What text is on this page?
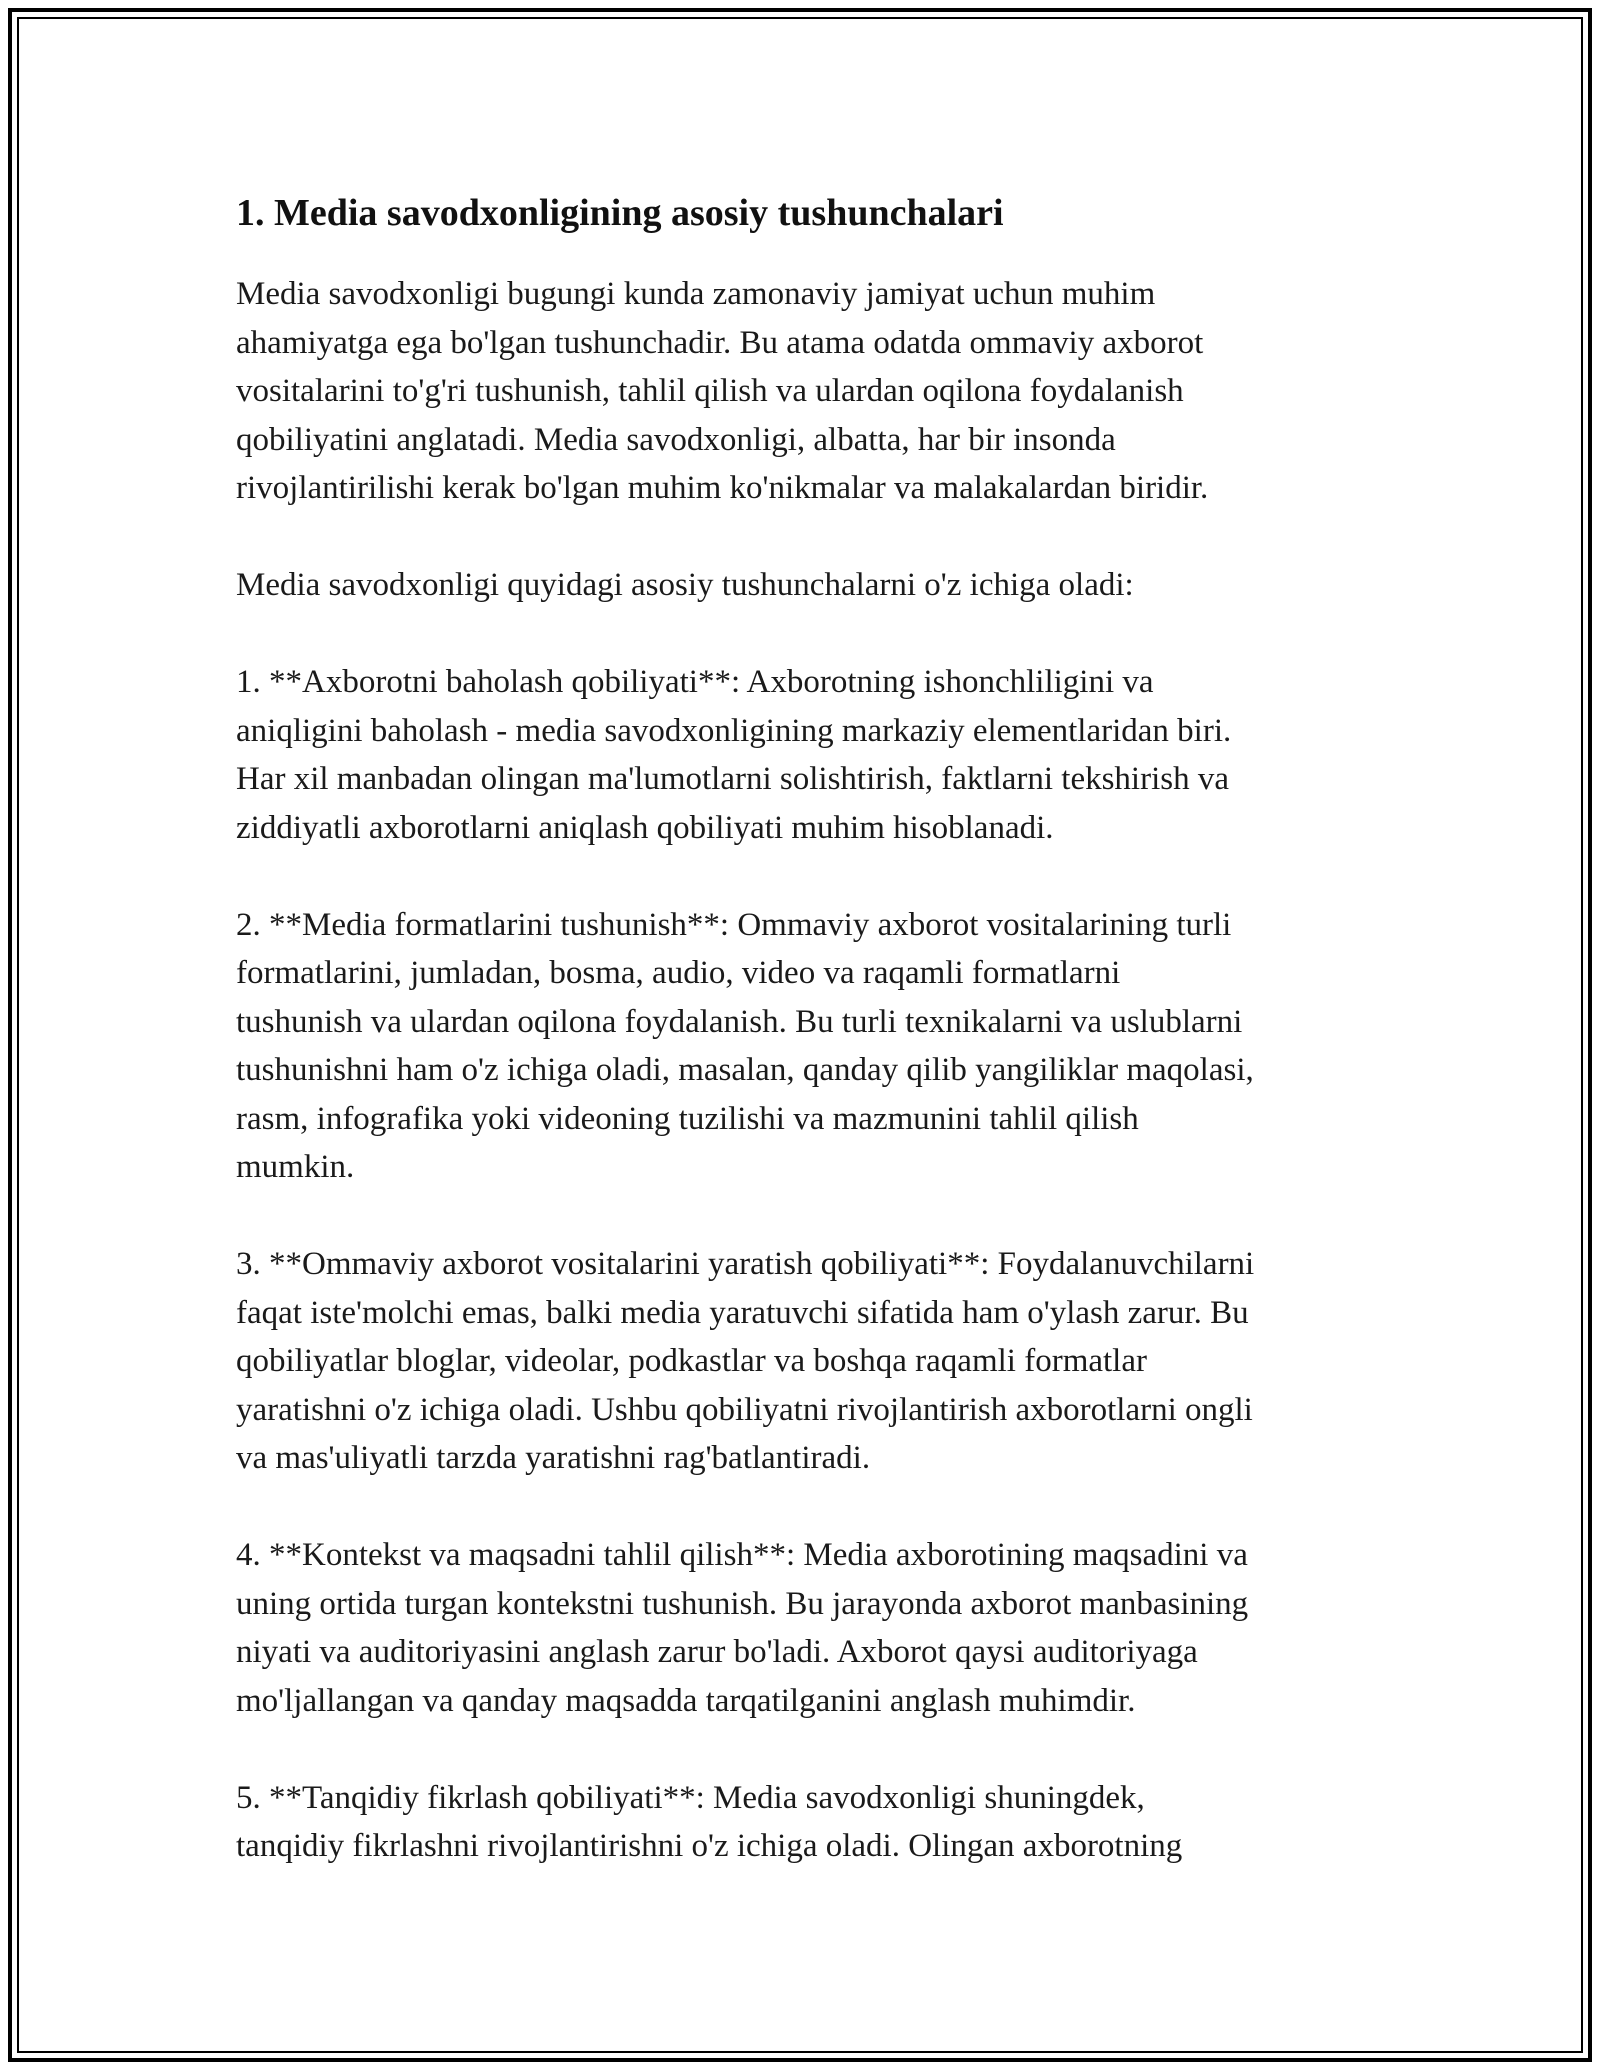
1. Media savodxonligining asosiy tushunchalari

Media savodxonligi bugungi kunda zamonaviy jamiyat uchun muhim
ahamiyatga ega bo'lgan tushunchadir. Bu atama odatda ommaviy axborot
vositalarini to'g'ri tushunish, tahlil qilish va ulardan oqilona foydalanish
qobiliyatini anglatadi. Media savodxonligi, albatta, har bir insonda
rivojlantirilishi kerak bo'lgan muhim ko'nikmalar va malakalardan biridir.

Media savodxonligi quyidagi asosiy tushunchalarni o'z ichiga oladi:

1. **Axborotni baholash qobiliyati**: Axborotning ishonchliligini va
aniqligini baholash - media savodxonligining markaziy elementlaridan biri.
Har xil manbadan olingan ma'lumotlarni solishtirish, faktlarni tekshirish va
ziddiyatli axborotlarni aniqlash qobiliyati muhim hisoblanadi.

2. **Media formatlarini tushunish**: Ommaviy axborot vositalarining turli
formatlarini, jumladan, bosma, audio, video va raqamli formatlarni
tushunish va ulardan oqilona foydalanish. Bu turli texnikalarni va uslublarni
tushunishni ham o'z ichiga oladi, masalan, qanday qilib yangiliklar maqolasi,
rasm, infografika yoki videoning tuzilishi va mazmunini tahlil qilish
mumkin.

3. **Ommaviy axborot vositalarini yaratish qobiliyati**: Foydalanuvchilarni
faqat iste'molchi emas, balki media yaratuvchi sifatida ham o'ylash zarur. Bu
qobiliyatlar bloglar, videolar, podkastlar va boshqa raqamli formatlar
yaratishni o'z ichiga oladi. Ushbu qobiliyatni rivojlantirish axborotlarni ongli
va mas'uliyatli tarzda yaratishni rag'batlantiradi.

4. **Kontekst va maqsadni tahlil qilish**: Media axborotining maqsadini va
uning ortida turgan kontekstni tushunish. Bu jarayonda axborot manbasining
niyati va auditoriyasini anglash zarur bo'ladi. Axborot qaysi auditoriyaga
mo'ljallangan va qanday maqsadda tarqatilganini anglash muhimdir.

5. **Tanqidiy fikrlash qobiliyati**: Media savodxonligi shuningdek,
tanqidiy fikrlashni rivojlantirishni o'z ichiga oladi. Olingan axborotning
